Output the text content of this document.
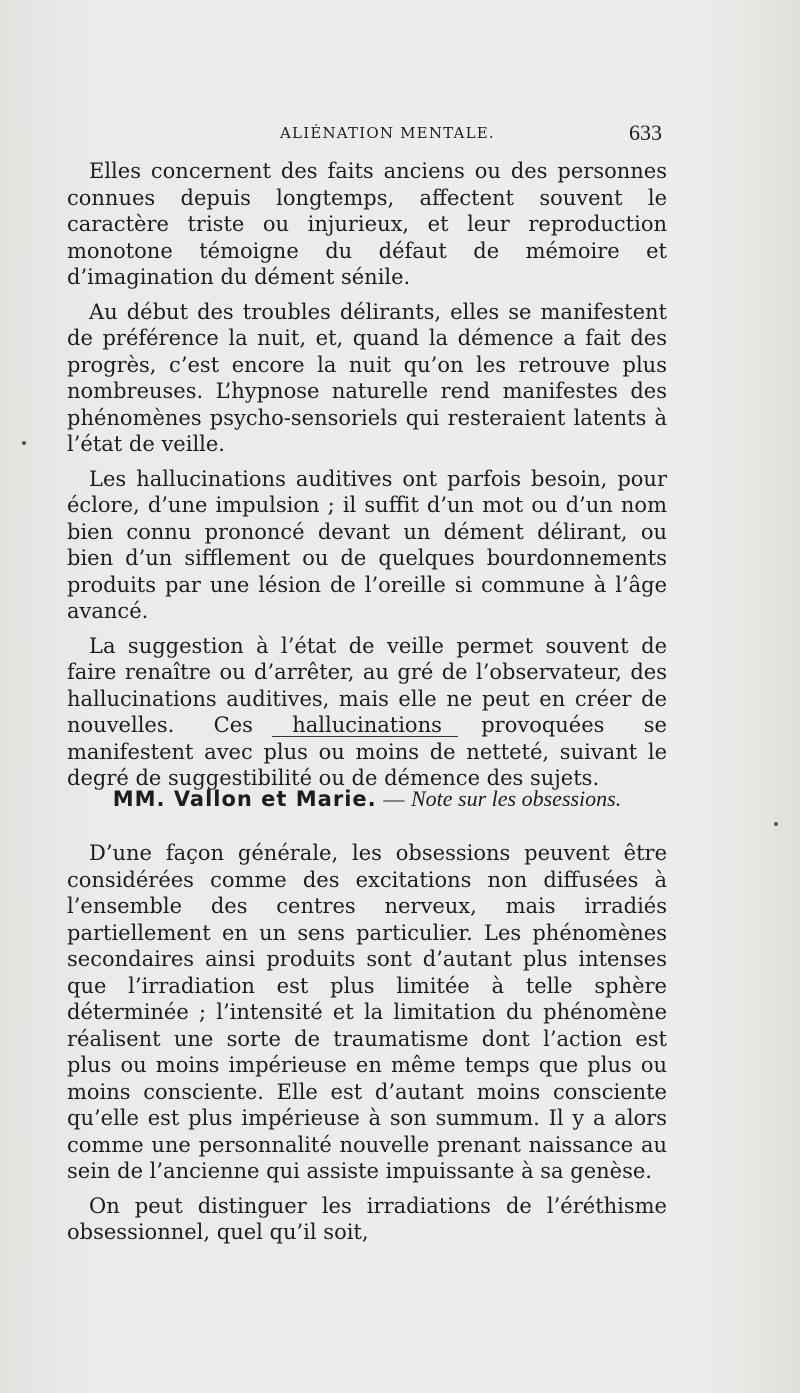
ALIÉNATION MENTALE.	633

Elles concernent des faits anciens ou des personnes connues depuis longtemps, affectent souvent le caractère triste ou injurieux, et leur reproduction monotone témoigne du défaut de mémoire et d’imagination du dément sénile.

Au début des troubles délirants, elles se manifestent de préférence la nuit, et, quand la démence a fait des progrès, c’est encore la nuit qu’on les retrouve plus nombreuses. L’hypnose naturelle rend manifestes des phénomènes psycho-sensoriels qui resteraient latents à l’état de veille.

Les hallucinations auditives ont parfois besoin, pour éclore, d’une impulsion ; il suffit d’un mot ou d’un nom bien connu prononcé devant un dément délirant, ou bien d’un sifflement ou de quelques bourdonnements produits par une lésion de l’oreille si commune à l’âge avancé.

La suggestion à l’état de veille permet souvent de faire renaître ou d’arrêter, au gré de l’observateur, des hallucinations auditives, mais elle ne peut en créer de nouvelles. Ces hallucinations provoquées se manifestent avec plus ou moins de netteté, suivant le degré de suggestibilité ou de démence des sujets.

MM. Vallon et Marie. — Note sur les obsessions.

D’une façon générale, les obsessions peuvent être considérées comme des excitations non diffusées à l’ensemble des centres nerveux, mais irradiés partiellement en un sens particulier. Les phénomènes secondaires ainsi produits sont d’autant plus intenses que l’irradiation est plus limitée à telle sphère déterminée ; l’intensité et la limitation du phénomène réalisent une sorte de traumatisme dont l’action est plus ou moins impérieuse en même temps que plus ou moins consciente. Elle est d’autant moins consciente qu’elle est plus impérieuse à son summum. Il y a alors comme une personnalité nouvelle prenant naissance au sein de l’ancienne qui assiste impuissante à sa genèse.

On peut distinguer les irradiations de l’éréthisme obsessionnel, quel qu’il soit,
